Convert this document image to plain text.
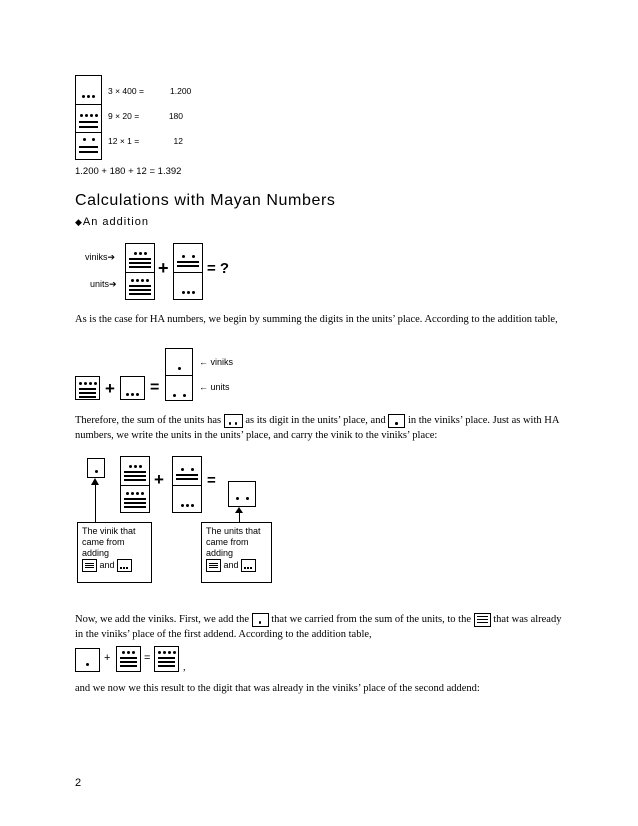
3 × 400 =	1.200
9 × 20 =	180
12 × 1 =	12
1.200 + 180 + 12 = 1.392
Calculations with Mayan Numbers
◆An addition
viniks➔
units➔
+	= ?
As is the case for HA numbers, we begin by summing the digits in the units’ place. According to the addition table,
+ =
← viniks
← units
Therefore, the sum of the units has as its digit in the units’ place, and in the viniks’ place. Just as with HA numbers, we write the units in the units’ place, and carry the vinik to the viniks’ place:
+	=
The vinik that
came from
adding
and
The units that
came from
adding
and
Now, we add the viniks. First, we add the that we carried from the sum of the units, to the that was already in the viniks’ place of the first addend. According to the addition table,
+	=
,
and we now we this result to the digit that was already in the viniks’ place of the second addend:
2
